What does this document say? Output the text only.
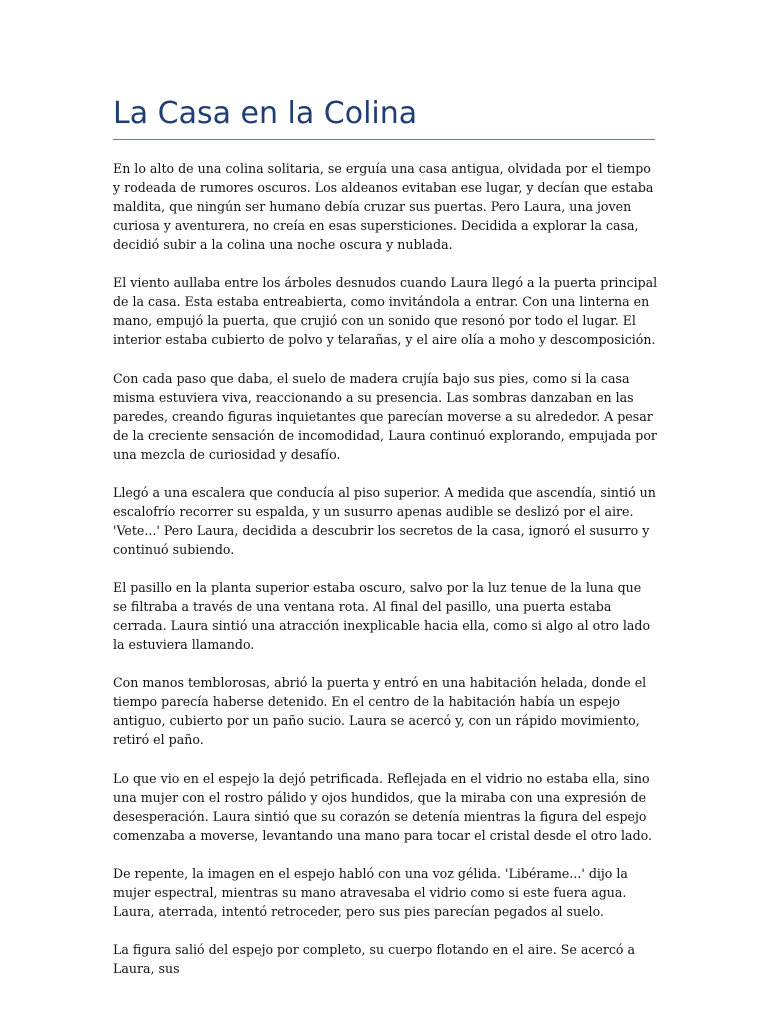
La Casa en la Colina

En lo alto de una colina solitaria, se erguía una casa antigua, olvidada por el tiempo y rodeada de rumores oscuros. Los aldeanos evitaban ese lugar, y decían que estaba maldita, que ningún ser humano debía cruzar sus puertas. Pero Laura, una joven curiosa y aventurera, no creía en esas supersticiones. Decidida a explorar la casa, decidió subir a la colina una noche oscura y nublada.

El viento aullaba entre los árboles desnudos cuando Laura llegó a la puerta principal de la casa. Esta estaba entreabierta, como invitándola a entrar. Con una linterna en mano, empujó la puerta, que crujió con un sonido que resonó por todo el lugar. El interior estaba cubierto de polvo y telarañas, y el aire olía a moho y descomposición.

Con cada paso que daba, el suelo de madera crujía bajo sus pies, como si la casa misma estuviera viva, reaccionando a su presencia. Las sombras danzaban en las paredes, creando figuras inquietantes que parecían moverse a su alrededor. A pesar de la creciente sensación de incomodidad, Laura continuó explorando, empujada por una mezcla de curiosidad y desafío.

Llegó a una escalera que conducía al piso superior. A medida que ascendía, sintió un escalofrío recorrer su espalda, y un susurro apenas audible se deslizó por el aire. 'Vete...' Pero Laura, decidida a descubrir los secretos de la casa, ignoró el susurro y continuó subiendo.

El pasillo en la planta superior estaba oscuro, salvo por la luz tenue de la luna que se filtraba a través de una ventana rota. Al final del pasillo, una puerta estaba cerrada. Laura sintió una atracción inexplicable hacia ella, como si algo al otro lado la estuviera llamando.

Con manos temblorosas, abrió la puerta y entró en una habitación helada, donde el tiempo parecía haberse detenido. En el centro de la habitación había un espejo antiguo, cubierto por un paño sucio. Laura se acercó y, con un rápido movimiento, retiró el paño.

Lo que vio en el espejo la dejó petrificada. Reflejada en el vidrio no estaba ella, sino una mujer con el rostro pálido y ojos hundidos, que la miraba con una expresión de desesperación. Laura sintió que su corazón se detenía mientras la figura del espejo comenzaba a moverse, levantando una mano para tocar el cristal desde el otro lado.

De repente, la imagen en el espejo habló con una voz gélida. 'Libérame...' dijo la mujer espectral, mientras su mano atravesaba el vidrio como si este fuera agua. Laura, aterrada, intentó retroceder, pero sus pies parecían pegados al suelo.

La figura salió del espejo por completo, su cuerpo flotando en el aire. Se acercó a Laura, sus
